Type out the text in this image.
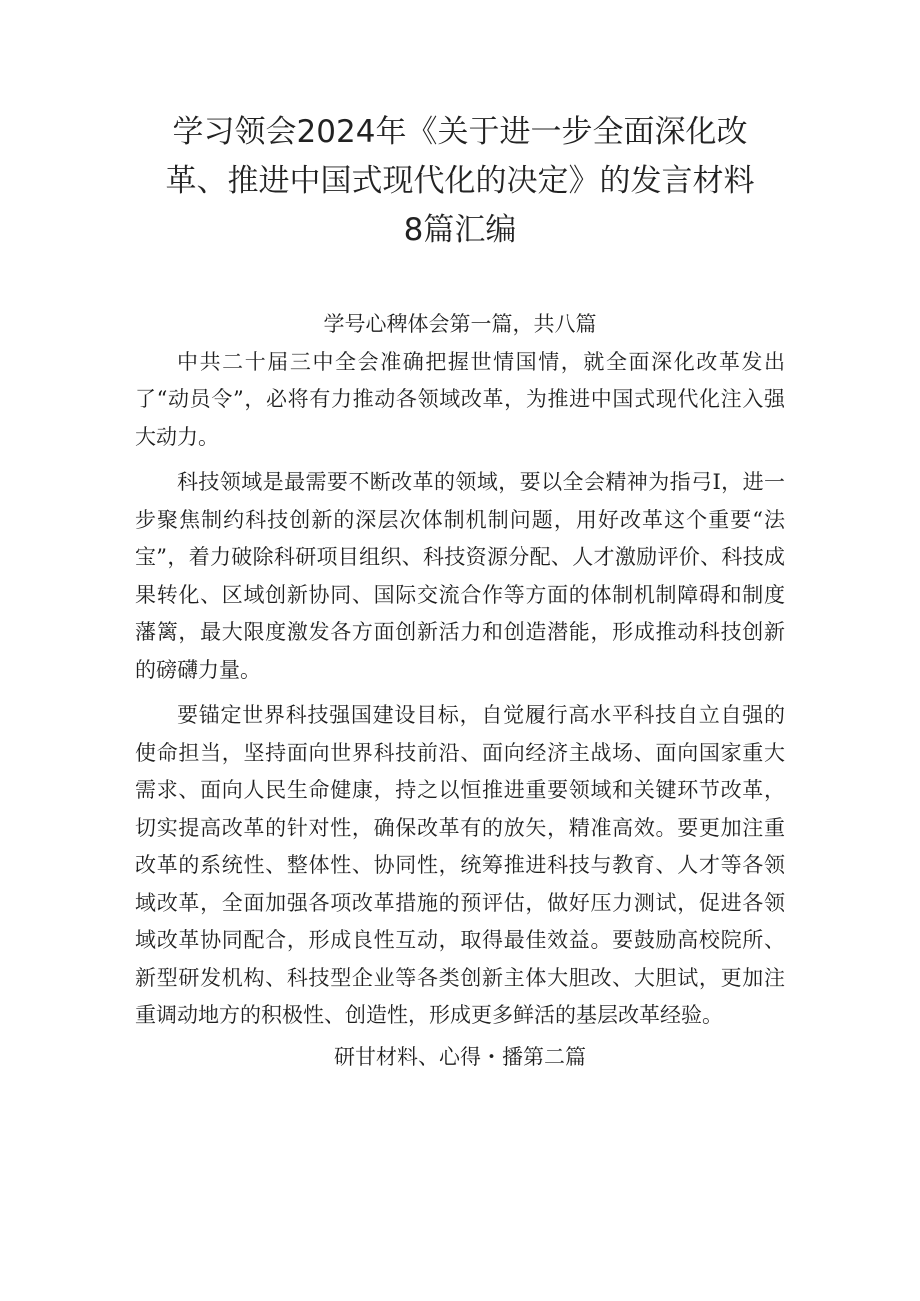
学习领会2024年《关于进一步全面深化改
革、推进中国式现代化的决定》的发言材料
8篇汇编

学号心稗体会第一篇，共八篇

中共二十届三中全会准确把握世情国情，就全面深化改革发出了“动员令”，必将有力推动各领域改革，为推进中国式现代化注入强大动力。

科技领域是最需要不断改革的领域，要以全会精神为指弓I，进一步聚焦制约科技创新的深层次体制机制问题，用好改革这个重要“法宝”，着力破除科研项目组织、科技资源分配、人才激励评价、科技成果转化、区域创新协同、国际交流合作等方面的体制机制障碍和制度藩篱，最大限度激发各方面创新活力和创造潜能，形成推动科技创新的磅礴力量。

要锚定世界科技强国建设目标，自觉履行高水平科技自立自强的使命担当，坚持面向世界科技前沿、面向经济主战场、面向国家重大需求、面向人民生命健康，持之以恒推进重要领域和关键环节改革，切实提高改革的针对性，确保改革有的放矢，精准高效。要更加注重改革的系统性、整体性、协同性，统筹推进科技与教育、人才等各领域改革，全面加强各项改革措施的预评估，做好压力测试，促进各领域改革协同配合，形成良性互动，取得最佳效益。要鼓励高校院所、新型研发机构、科技型企业等各类创新主体大胆改、大胆试，更加注重调动地方的积极性、创造性，形成更多鲜活的基层改革经验。

研甘材料、心得・播第二篇
